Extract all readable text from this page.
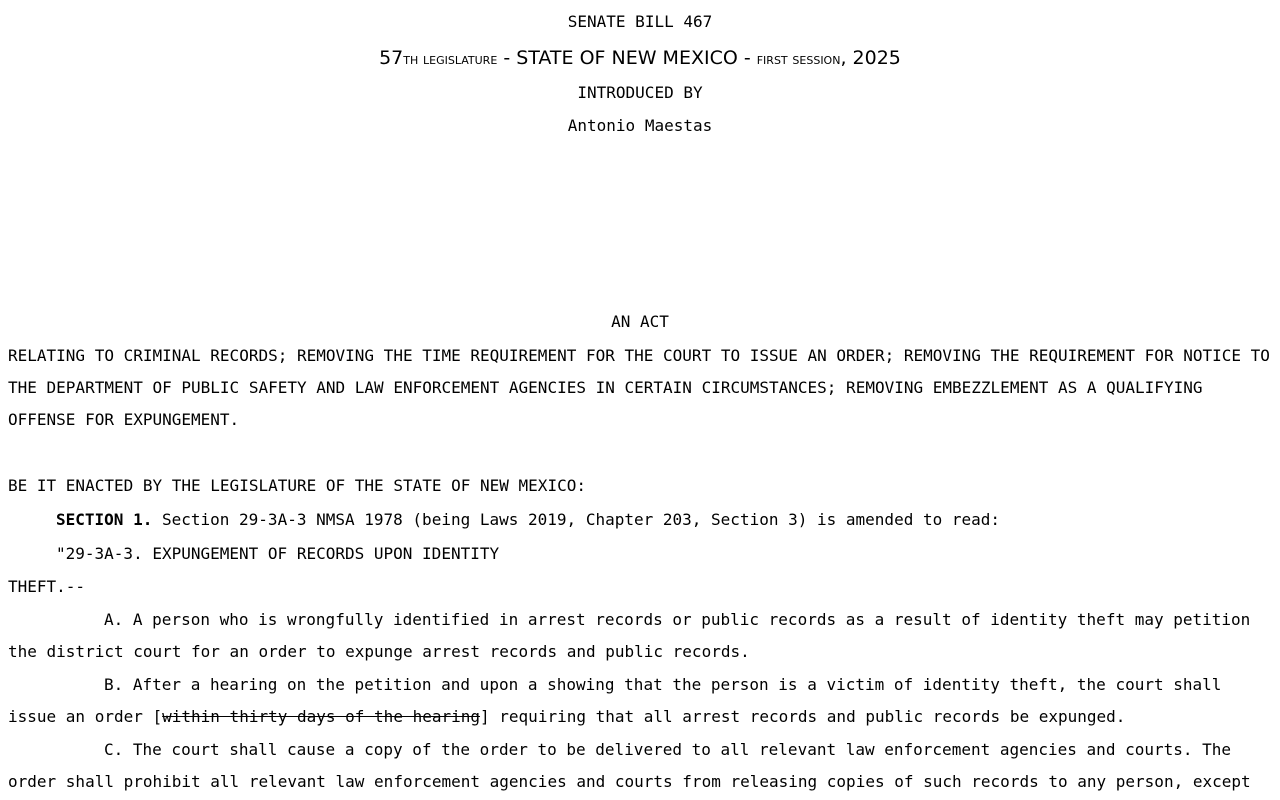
SENATE BILL 467
57th legislature - STATE OF NEW MEXICO - first session, 2025
INTRODUCED BY
Antonio Maestas
AN ACT
RELATING TO CRIMINAL RECORDS; REMOVING THE TIME REQUIREMENT FOR THE COURT TO ISSUE AN ORDER; REMOVING THE REQUIREMENT FOR NOTICE TO
THE DEPARTMENT OF PUBLIC SAFETY AND LAW ENFORCEMENT AGENCIES IN CERTAIN CIRCUMSTANCES; REMOVING EMBEZZLEMENT AS A QUALIFYING
OFFENSE FOR EXPUNGEMENT.
BE IT ENACTED BY THE LEGISLATURE OF THE STATE OF NEW MEXICO:
SECTION 1. Section 29-3A-3 NMSA 1978 (being Laws 2019, Chapter 203, Section 3) is amended to read:
"29-3A-3. EXPUNGEMENT OF RECORDS UPON IDENTITY
THEFT.--
A. A person who is wrongfully identified in arrest records or public records as a result of identity theft may petition
the district court for an order to expunge arrest records and public records.
B. After a hearing on the petition and upon a showing that the person is a victim of identity theft, the court shall
issue an order [within thirty days of the hearing] requiring that all arrest records and public records be expunged.
C. The court shall cause a copy of the order to be delivered to all relevant law enforcement agencies and courts. The
order shall prohibit all relevant law enforcement agencies and courts from releasing copies of such records to any person, except
